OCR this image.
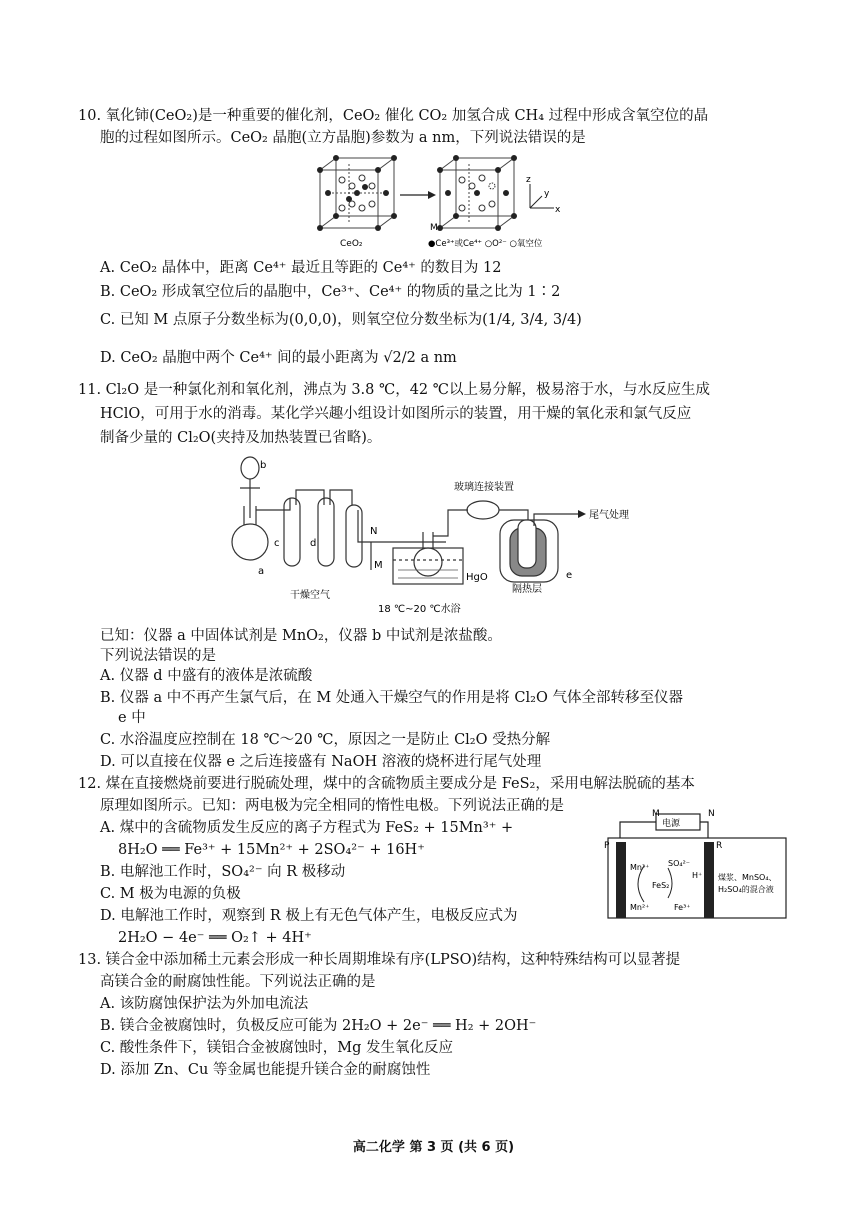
10. 氧化铈(CeO₂)是一种重要的催化剂，CeO₂ 催化 CO₂ 加氢合成 CH₄ 过程中形成含氧空位的晶
胞的过程如图所示。CeO₂ 晶胞(立方晶胞)参数为 a nm，下列说法错误的是
z
y
x
M
CeO₂	●Ce³⁺或Ce⁴⁺ ○O²⁻ ○氧空位
A. CeO₂ 晶体中，距离 Ce⁴⁺ 最近且等距的 Ce⁴⁺ 的数目为 12
B. CeO₂ 形成氧空位后的晶胞中，Ce³⁺、Ce⁴⁺ 的物质的量之比为 1∶2
C. 已知 M 点原子分数坐标为(0,0,0)，则氧空位分数坐标为(1/4, 3/4, 3/4)
D. CeO₂ 晶胞中两个 Ce⁴⁺ 间的最小距离为 √2/2 a nm
11. Cl₂O 是一种氯化剂和氧化剂，沸点为 3.8 ℃，42 ℃以上易分解，极易溶于水，与水反应生成
HClO，可用于水的消毒。某化学兴趣小组设计如图所示的装置，用干燥的氧化汞和氯气反应
制备少量的 Cl₂O(夹持及加热装置已省略)。
b
a
c	d
N
M
玻璃连接装置
尾气处理
干燥空气
HgO
18 ℃~20 ℃水浴
隔热层
e
已知：仪器 a 中固体试剂是 MnO₂，仪器 b 中试剂是浓盐酸。
下列说法错误的是
A. 仪器 d 中盛有的液体是浓硫酸
B. 仪器 a 中不再产生氯气后，在 M 处通入干燥空气的作用是将 Cl₂O 气体全部转移至仪器
e 中
C. 水浴温度应控制在 18 ℃～20 ℃，原因之一是防止 Cl₂O 受热分解
D. 可以直接在仪器 e 之后连接盛有 NaOH 溶液的烧杯进行尾气处理
12. 煤在直接燃烧前要进行脱硫处理，煤中的含硫物质主要成分是 FeS₂，采用电解法脱硫的基本
原理如图所示。已知：两电极为完全相同的惰性电极。下列说法正确的是
A. 煤中的含硫物质发生反应的离子方程式为 FeS₂ + 15Mn³⁺ +
8H₂O ══ Fe³⁺ + 15Mn²⁺ + 2SO₄²⁻ + 16H⁺
B. 电解池工作时，SO₄²⁻ 向 R 极移动
C. M 极为电源的负极
D. 电解池工作时，观察到 R 极上有无色气体产生，电极反应式为
2H₂O − 4e⁻ ══ O₂↑ + 4H⁺
M	N
电源
P	R
Mn³⁺ SO₄²⁻
FeS₂
Mn²⁺	Fe³⁺
H⁺ 煤浆、MnSO₄、
H₂SO₄的混合液
13. 镁合金中添加稀土元素会形成一种长周期堆垛有序(LPSO)结构，这种特殊结构可以显著提
高镁合金的耐腐蚀性能。下列说法正确的是
A. 该防腐蚀保护法为外加电流法
B. 镁合金被腐蚀时，负极反应可能为 2H₂O + 2e⁻ ══ H₂ + 2OH⁻
C. 酸性条件下，镁铝合金被腐蚀时，Mg 发生氧化反应
D. 添加 Zn、Cu 等金属也能提升镁合金的耐腐蚀性
高二化学 第 3 页 (共 6 页)
